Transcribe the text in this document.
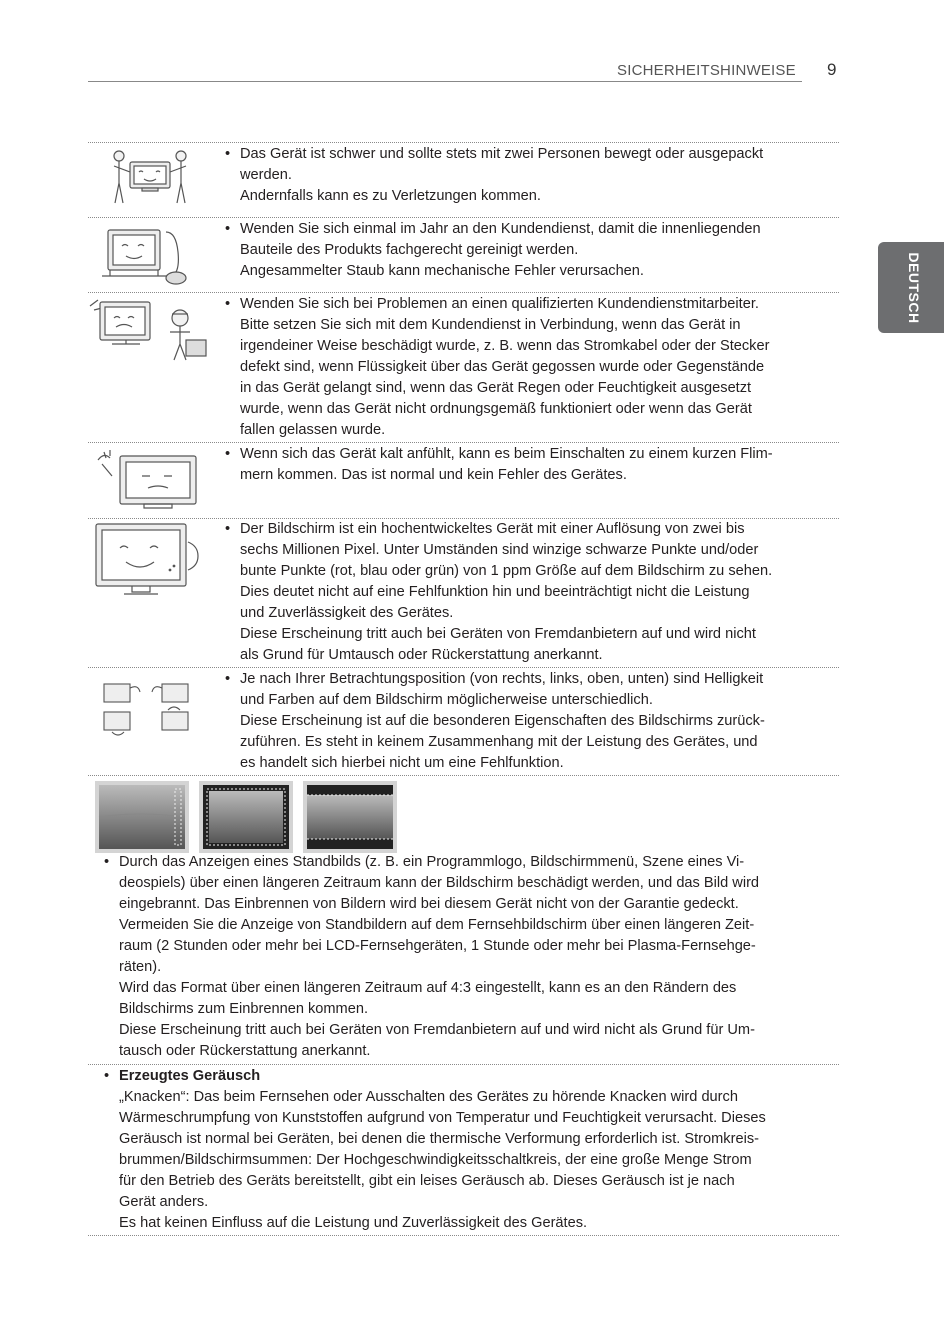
SICHERHEITSHINWEISE 9
DEUTSCH
• Das Gerät ist schwer und sollte stets mit zwei Personen bewegt oder ausgepackt
werden.
Andernfalls kann es zu Verletzungen kommen.
• Wenden Sie sich einmal im Jahr an den Kundendienst, damit die innenliegenden
Bauteile des Produkts fachgerecht gereinigt werden.
Angesammelter Staub kann mechanische Fehler verursachen.
• Wenden Sie sich bei Problemen an einen qualifizierten Kundendienstmitarbeiter.
Bitte setzen Sie sich mit dem Kundendienst in Verbindung, wenn das Gerät in
irgendeiner Weise beschädigt wurde, z. B. wenn das Stromkabel oder der Stecker
defekt sind, wenn Flüssigkeit über das Gerät gegossen wurde oder Gegenstände
in das Gerät gelangt sind, wenn das Gerät Regen oder Feuchtigkeit ausgesetzt
wurde, wenn das Gerät nicht ordnungsgemäß funktioniert oder wenn das Gerät
fallen gelassen wurde.
• Wenn sich das Gerät kalt anfühlt, kann es beim Einschalten zu einem kurzen Flim-
mern kommen. Das ist normal und kein Fehler des Gerätes.
• Der Bildschirm ist ein hochentwickeltes Gerät mit einer Auflösung von zwei bis
sechs Millionen Pixel. Unter Umständen sind winzige schwarze Punkte und/oder
bunte Punkte (rot, blau oder grün) von 1 ppm Größe auf dem Bildschirm zu sehen.
Dies deutet nicht auf eine Fehlfunktion hin und beeinträchtigt nicht die Leistung
und Zuverlässigkeit des Gerätes.
Diese Erscheinung tritt auch bei Geräten von Fremdanbietern auf und wird nicht
als Grund für Umtausch oder Rückerstattung anerkannt.
• Je nach Ihrer Betrachtungsposition (von rechts, links, oben, unten) sind Helligkeit
und Farben auf dem Bildschirm möglicherweise unterschiedlich.
Diese Erscheinung ist auf die besonderen Eigenschaften des Bildschirms zurück-
zuführen. Es steht in keinem Zusammenhang mit der Leistung des Gerätes, und
es handelt sich hierbei nicht um eine Fehlfunktion.
• Durch das Anzeigen eines Standbilds (z. B. ein Programmlogo, Bildschirmmenü, Szene eines Vi-
deospiels) über einen längeren Zeitraum kann der Bildschirm beschädigt werden, und das Bild wird
eingebrannt. Das Einbrennen von Bildern wird bei diesem Gerät nicht von der Garantie gedeckt.
Vermeiden Sie die Anzeige von Standbildern auf dem Fernsehbildschirm über einen längeren Zeit-
raum (2 Stunden oder mehr bei LCD-Fernsehgeräten, 1 Stunde oder mehr bei Plasma-Fernsehge-
räten).
Wird das Format über einen längeren Zeitraum auf 4:3 eingestellt, kann es an den Rändern des
Bildschirms zum Einbrennen kommen.
Diese Erscheinung tritt auch bei Geräten von Fremdanbietern auf und wird nicht als Grund für Um-
tausch oder Rückerstattung anerkannt.
• Erzeugtes Geräusch
„Knacken“: Das beim Fernsehen oder Ausschalten des Gerätes zu hörende Knacken wird durch
Wärmeschrumpfung von Kunststoffen aufgrund von Temperatur und Feuchtigkeit verursacht. Dieses
Geräusch ist normal bei Geräten, bei denen die thermische Verformung erforderlich ist. Stromkreis-
brummen/Bildschirmsummen: Der Hochgeschwindigkeitsschaltkreis, der eine große Menge Strom
für den Betrieb des Geräts bereitstellt, gibt ein leises Geräusch ab. Dieses Geräusch ist je nach
Gerät anders.
Es hat keinen Einfluss auf die Leistung und Zuverlässigkeit des Gerätes.
